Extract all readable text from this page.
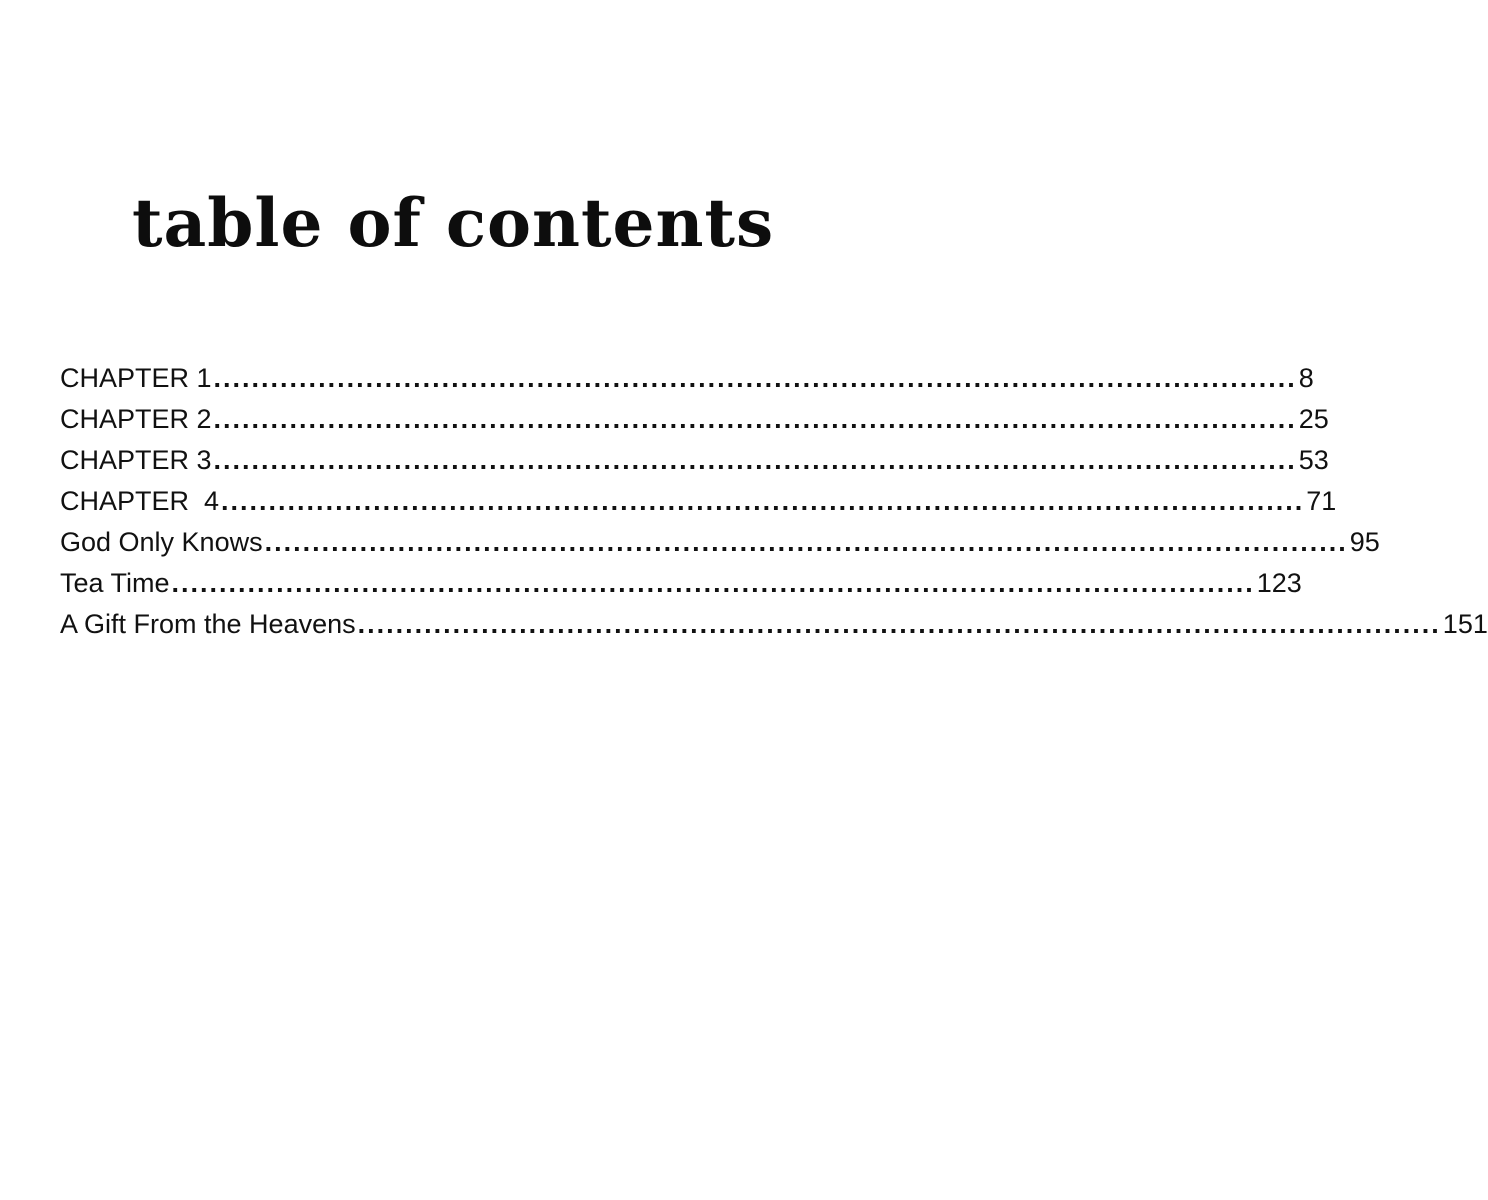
table of contents
CHAPTER 1 .................................................................................................................. 8
CHAPTER 2 .................................................................................................................. 25
CHAPTER 3 .................................................................................................................. 53
CHAPTER  4 .................................................................................................................. 71
God Only Knows .................................................................................................................. 95
Tea Time .................................................................................................................. 123
A Gift From the Heavens .................................................................................................................. 151
